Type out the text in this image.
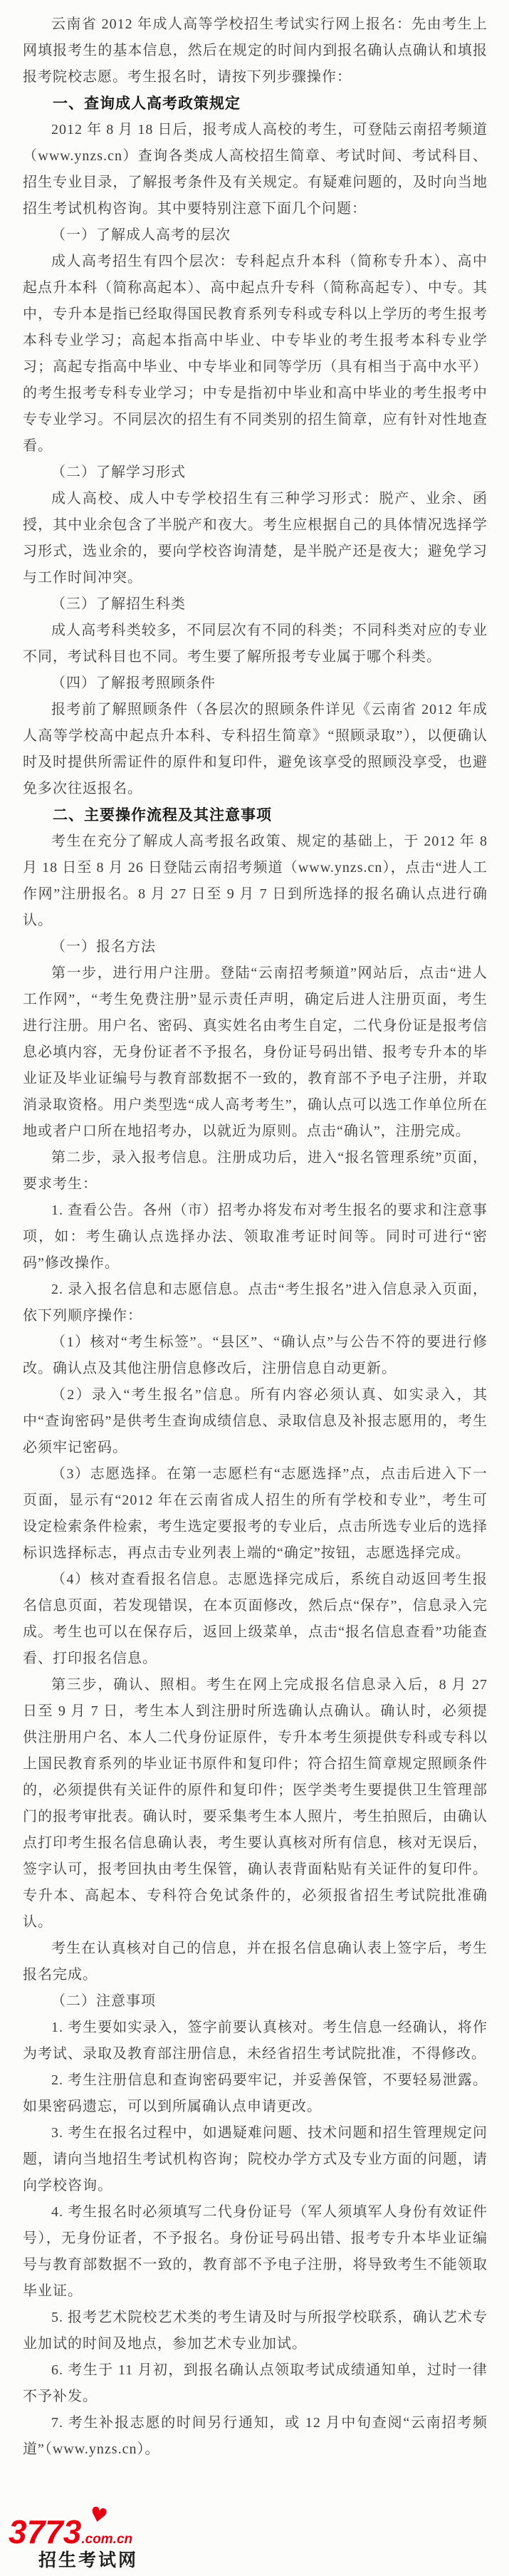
云南省 2012 年成人高等学校招生考试实行网上报名：先由考生上网填报考生的基本信息，然后在规定的时间内到报名确认点确认和填报报考院校志愿。考生报名时，请按下列步骤操作：

一、查询成人高考政策规定

2012 年 8 月 18 日后，报考成人高校的考生，可登陆云南招考频道（www.ynzs.cn）查询各类成人高校招生简章、考试时间、考试科目、招生专业目录，了解报考条件及有关规定。有疑难问题的，及时向当地招生考试机构咨询。其中要特别注意下面几个问题：

（一）了解成人高考的层次

成人高考招生有四个层次：专科起点升本科（简称专升本）、高中起点升本科（简称高起本）、高中起点升专科（简称高起专）、中专。其中，专升本是指已经取得国民教育系列专科或专科以上学历的考生报考本科专业学习；高起本指高中毕业、中专毕业的考生报考本科专业学习；高起专指高中毕业、中专毕业和同等学历（具有相当于高中水平）的考生报考专科专业学习；中专是指初中毕业和高中毕业的考生报考中专专业学习。不同层次的招生有不同类别的招生简章，应有针对性地查看。

（二）了解学习形式

成人高校、成人中专学校招生有三种学习形式：脱产、业余、函授，其中业余包含了半脱产和夜大。考生应根据自己的具体情况选择学习形式，选业余的，要向学校咨询清楚，是半脱产还是夜大；避免学习与工作时间冲突。

（三）了解招生科类

成人高考科类较多，不同层次有不同的科类；不同科类对应的专业不同，考试科目也不同。考生要了解所报考专业属于哪个科类。

（四）了解报考照顾条件

报考前了解照顾条件（各层次的照顾条件详见《云南省 2012 年成人高等学校高中起点升本科、专科招生简章》“照顾录取”），以便确认时及时提供所需证件的原件和复印件，避免该享受的照顾没享受，也避免多次往返报名。

二、主要操作流程及其注意事项

考生在充分了解成人高考报名政策、规定的基础上，于 2012 年 8 月 18 日至 8 月 26 日登陆云南招考频道（www.ynzs.cn），点击“进人工作网”注册报名。8 月 27 日至 9 月 7 日到所选择的报名确认点进行确认。

（一）报名方法

第一步，进行用户注册。登陆“云南招考频道”网站后，点击“进人工作网”，“考生免费注册”显示责任声明，确定后进人注册页面，考生进行注册。用户名、密码、真实姓名由考生自定，二代身份证是报考信息必填内容，无身份证者不予报名，身份证号码出错、报考专升本的毕业证及毕业证编号与教育部数据不一致的，教育部不予电子注册，并取消录取资格。用户类型选“成人高考考生”，确认点可以选工作单位所在地或者户口所在地招考办，以就近为原则。点击“确认”，注册完成。

第二步，录入报考信息。注册成功后，进入“报名管理系统”页面，要求考生：

1. 查看公告。各州（市）招考办将发布对考生报名的要求和注意事项，如：考生确认点选择办法、领取准考证时间等。同时可进行“密码”修改操作。

2. 录入报名信息和志愿信息。点击“考生报名”进入信息录入页面，依下列顺序操作：

（1）核对“考生标签”。“县区”、“确认点”与公告不符的要进行修改。确认点及其他注册信息修改后，注册信息自动更新。

（2）录入“考生报名”信息。所有内容必须认真、如实录入，其中“查询密码”是供考生查询成绩信息、录取信息及补报志愿用的，考生必须牢记密码。

（3）志愿选择。在第一志愿栏有“志愿选择”点，点击后进入下一页面，显示有“2012 年在云南省成人招生的所有学校和专业”，考生可设定检索条件检索，考生选定要报考的专业后，点击所选专业后的选择标识选择标志，再点击专业列表上端的“确定”按钮，志愿选择完成。

（4）核对查看报名信息。志愿选择完成后，系统自动返回考生报名信息页面，若发现错误，在本页面修改，然后点“保存”，信息录入完成。考生也可以在保存后，返回上级菜单，点击“报名信息查看”功能查看、打印报名信息。

第三步，确认、照相。考生在网上完成报名信息录入后，8 月 27 日至 9 月 7 日，考生本人到注册时所选确认点确认。确认时，必须提供注册用户名、本人二代身份证原件，专升本考生须提供专科或专科以上国民教育系列的毕业证书原件和复印件；符合招生简章规定照顾条件的，必须提供有关证件的原件和复印件；医学类考生要提供卫生管理部门的报考审批表。确认时，要采集考生本人照片，考生拍照后，由确认点打印考生报名信息确认表，考生要认真核对所有信息，核对无误后，签字认可，报考回执由考生保管，确认表背面粘贴有关证件的复印件。专升本、高起本、专科符合免试条件的，必须报省招生考试院批准确认。

考生在认真核对自己的信息，并在报名信息确认表上签字后，考生报名完成。

（二）注意事项

1. 考生要如实录入，签字前要认真核对。考生信息一经确认，将作为考试、录取及教育部注册信息，未经省招生考试院批准，不得修改。

2. 考生注册信息和查询密码要牢记，并妥善保管，不要轻易泄露。如果密码遗忘，可以到所属确认点申请更改。

3. 考生在报名过程中，如遇疑难问题、技术问题和招生管理规定问题，请向当地招生考试机构咨询；院校办学方式及专业方面的问题，请向学校咨询。

4. 考生报名时必须填写二代身份证号（军人须填军人身份有效证件号），无身份证者，不予报名。身份证号码出错、报考专升本毕业证编号与教育部数据不一致的，教育部不予电子注册，将导致考生不能领取毕业证。

5. 报考艺术院校艺术类的考生请及时与所报学校联系，确认艺术专业加试的时间及地点，参加艺术专业加试。

6. 考生于 11 月初，到报名确认点领取考试成绩通知单，过时一律不予补发。

7. 考生补报志愿的时间另行通知，或 12 月中旬查阅“云南招考频道”（www.ynzs.cn）。

♥
3773.com.cn
招生考试网
